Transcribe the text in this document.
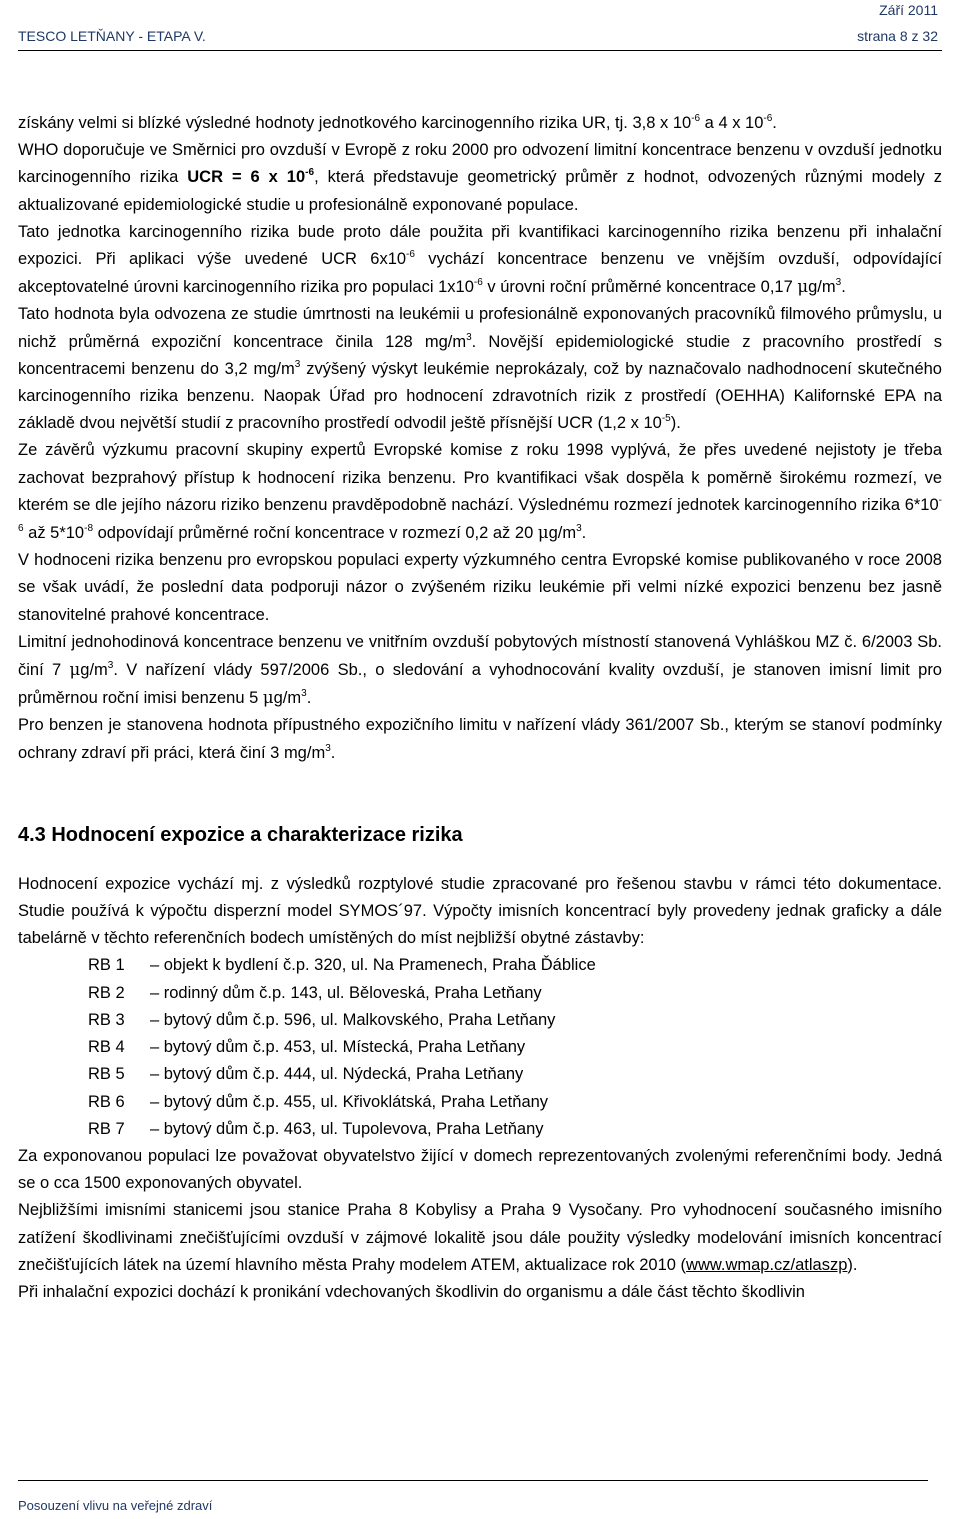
Září 2011
TESCO LETŇANY - ETAPA V.	strana 8 z 32

získány velmi si blízké výsledné hodnoty jednotkového karcinogenního rizika UR, tj. 3,8 x $10^{-6}$ a 4 x $10^{-6}$.

WHO doporučuje ve Směrnici pro ovzduší v Evropě z roku 2000 pro odvození limitní koncentrace benzenu v ovzduší jednotku karcinogenního rizika UCR = 6 x $10^{-6}$, která představuje geometrický průměr z hodnot, odvozených různými modely z aktualizované epidemiologické studie u profesionálně exponované populace.

Tato jednotka karcinogenního rizika bude proto dále použita při kvantifikaci karcinogenního rizika benzenu při inhalační expozici. Při aplikaci výše uvedené UCR $6x10^{-6}$ vychází koncentrace benzenu ve vnějším ovzduší, odpovídající akceptovatelné úrovni karcinogenního rizika pro populaci $1x10^{-6}$ v úrovni roční průměrné koncentrace 0,17 $\mu g/m^3$.

Tato hodnota byla odvozena ze studie úmrtnosti na leukémii u profesionálně exponovaných pracovníků filmového průmyslu, u nichž průměrná expoziční koncentrace činila 128 $mg/m^3$. Novější epidemiologické studie z pracovního prostředí s koncentracemi benzenu do 3,2 $mg/m^3$ zvýšený výskyt leukémie neprokázaly, což by naznačovalo nadhodnocení skutečného karcinogenního rizika benzenu. Naopak Úřad pro hodnocení zdravotních rizik z prostředí (OEHHA) Kalifornské EPA na základě dvou největší studií z pracovního prostředí odvodil ještě přísnější UCR (1,2 x $10^{-5}$).

Ze závěrů výzkumu pracovní skupiny expertů Evropské komise z roku 1998 vyplývá, že přes uvedené nejistoty je třeba zachovat bezprahový přístup k hodnocení rizika benzenu. Pro kvantifikaci však dospěla k poměrně širokému rozmezí, ve kterém se dle jejího názoru riziko benzenu pravděpodobně nachází. Výslednému rozmezí jednotek karcinogenního rizika $6*10^{-6}$ až $5*10^{-8}$ odpovídají průměrné roční koncentrace v rozmezí 0,2 až 20 $\mu g/m^3$.

V hodnoceni rizika benzenu pro evropskou populaci experty výzkumného centra Evropské komise publikovaného v roce 2008 se však uvádí, že poslední data podporuji názor o zvýšeném riziku leukémie při velmi nízké expozici benzenu bez jasně stanovitelné prahové koncentrace.

Limitní jednohodinová koncentrace benzenu ve vnitřním ovzduší pobytových místností stanovená Vyhláškou MZ č. 6/2003 Sb. činí 7 $\mu g/m^3$. V nařízení vlády 597/2006 Sb., o sledování a vyhodnocování kvality ovzduší, je stanoven imisní limit pro průměrnou roční imisi benzenu 5 $\mu g/m^3$.

Pro benzen je stanovena hodnota přípustného expozičního limitu v nařízení vlády 361/2007 Sb., kterým se stanoví podmínky ochrany zdraví při práci, která činí 3 $mg/m^3$.

4.3 Hodnocení expozice a charakterizace rizika

Hodnocení expozice vychází mj. z výsledků rozptylové studie zpracované pro řešenou stavbu v rámci této dokumentace. Studie používá k výpočtu disperzní model SYMOS´97. Výpočty imisních koncentrací byly provedeny jednak graficky a dále tabelárně v těchto referenčních bodech umístěných do míst nejbližší obytné zástavby:

RB 1	– objekt k bydlení č.p. 320, ul. Na Pramenech, Praha Ďáblice
RB 2	– rodinný dům č.p. 143, ul. Běloveská, Praha Letňany
RB 3	– bytový dům č.p. 596, ul. Malkovského, Praha Letňany
RB 4	– bytový dům č.p. 453, ul. Místecká, Praha Letňany
RB 5	– bytový dům č.p. 444, ul. Nýdecká, Praha Letňany
RB 6	– bytový dům č.p. 455, ul. Křivoklátská, Praha Letňany
RB 7	– bytový dům č.p. 463, ul. Tupolevova, Praha Letňany

Za exponovanou populaci lze považovat obyvatelstvo žijící v domech reprezentovaných zvolenými referenčními body. Jedná se o cca 1500 exponovaných obyvatel.

Nejbližšími imisními stanicemi jsou stanice Praha 8 Kobylisy a Praha 9 Vysočany. Pro vyhodnocení současného imisního zatížení škodlivinami znečišťujícími ovzduší v zájmové lokalitě jsou dále použity výsledky modelování imisních koncentrací znečišťujících látek na území hlavního města Prahy modelem ATEM, aktualizace rok 2010 (www.wmap.cz/atlaszp).

Při inhalační expozici dochází k pronikání vdechovaných škodlivin do organismu a dále část těchto škodlivin

Posouzení vlivu na veřejné zdraví
